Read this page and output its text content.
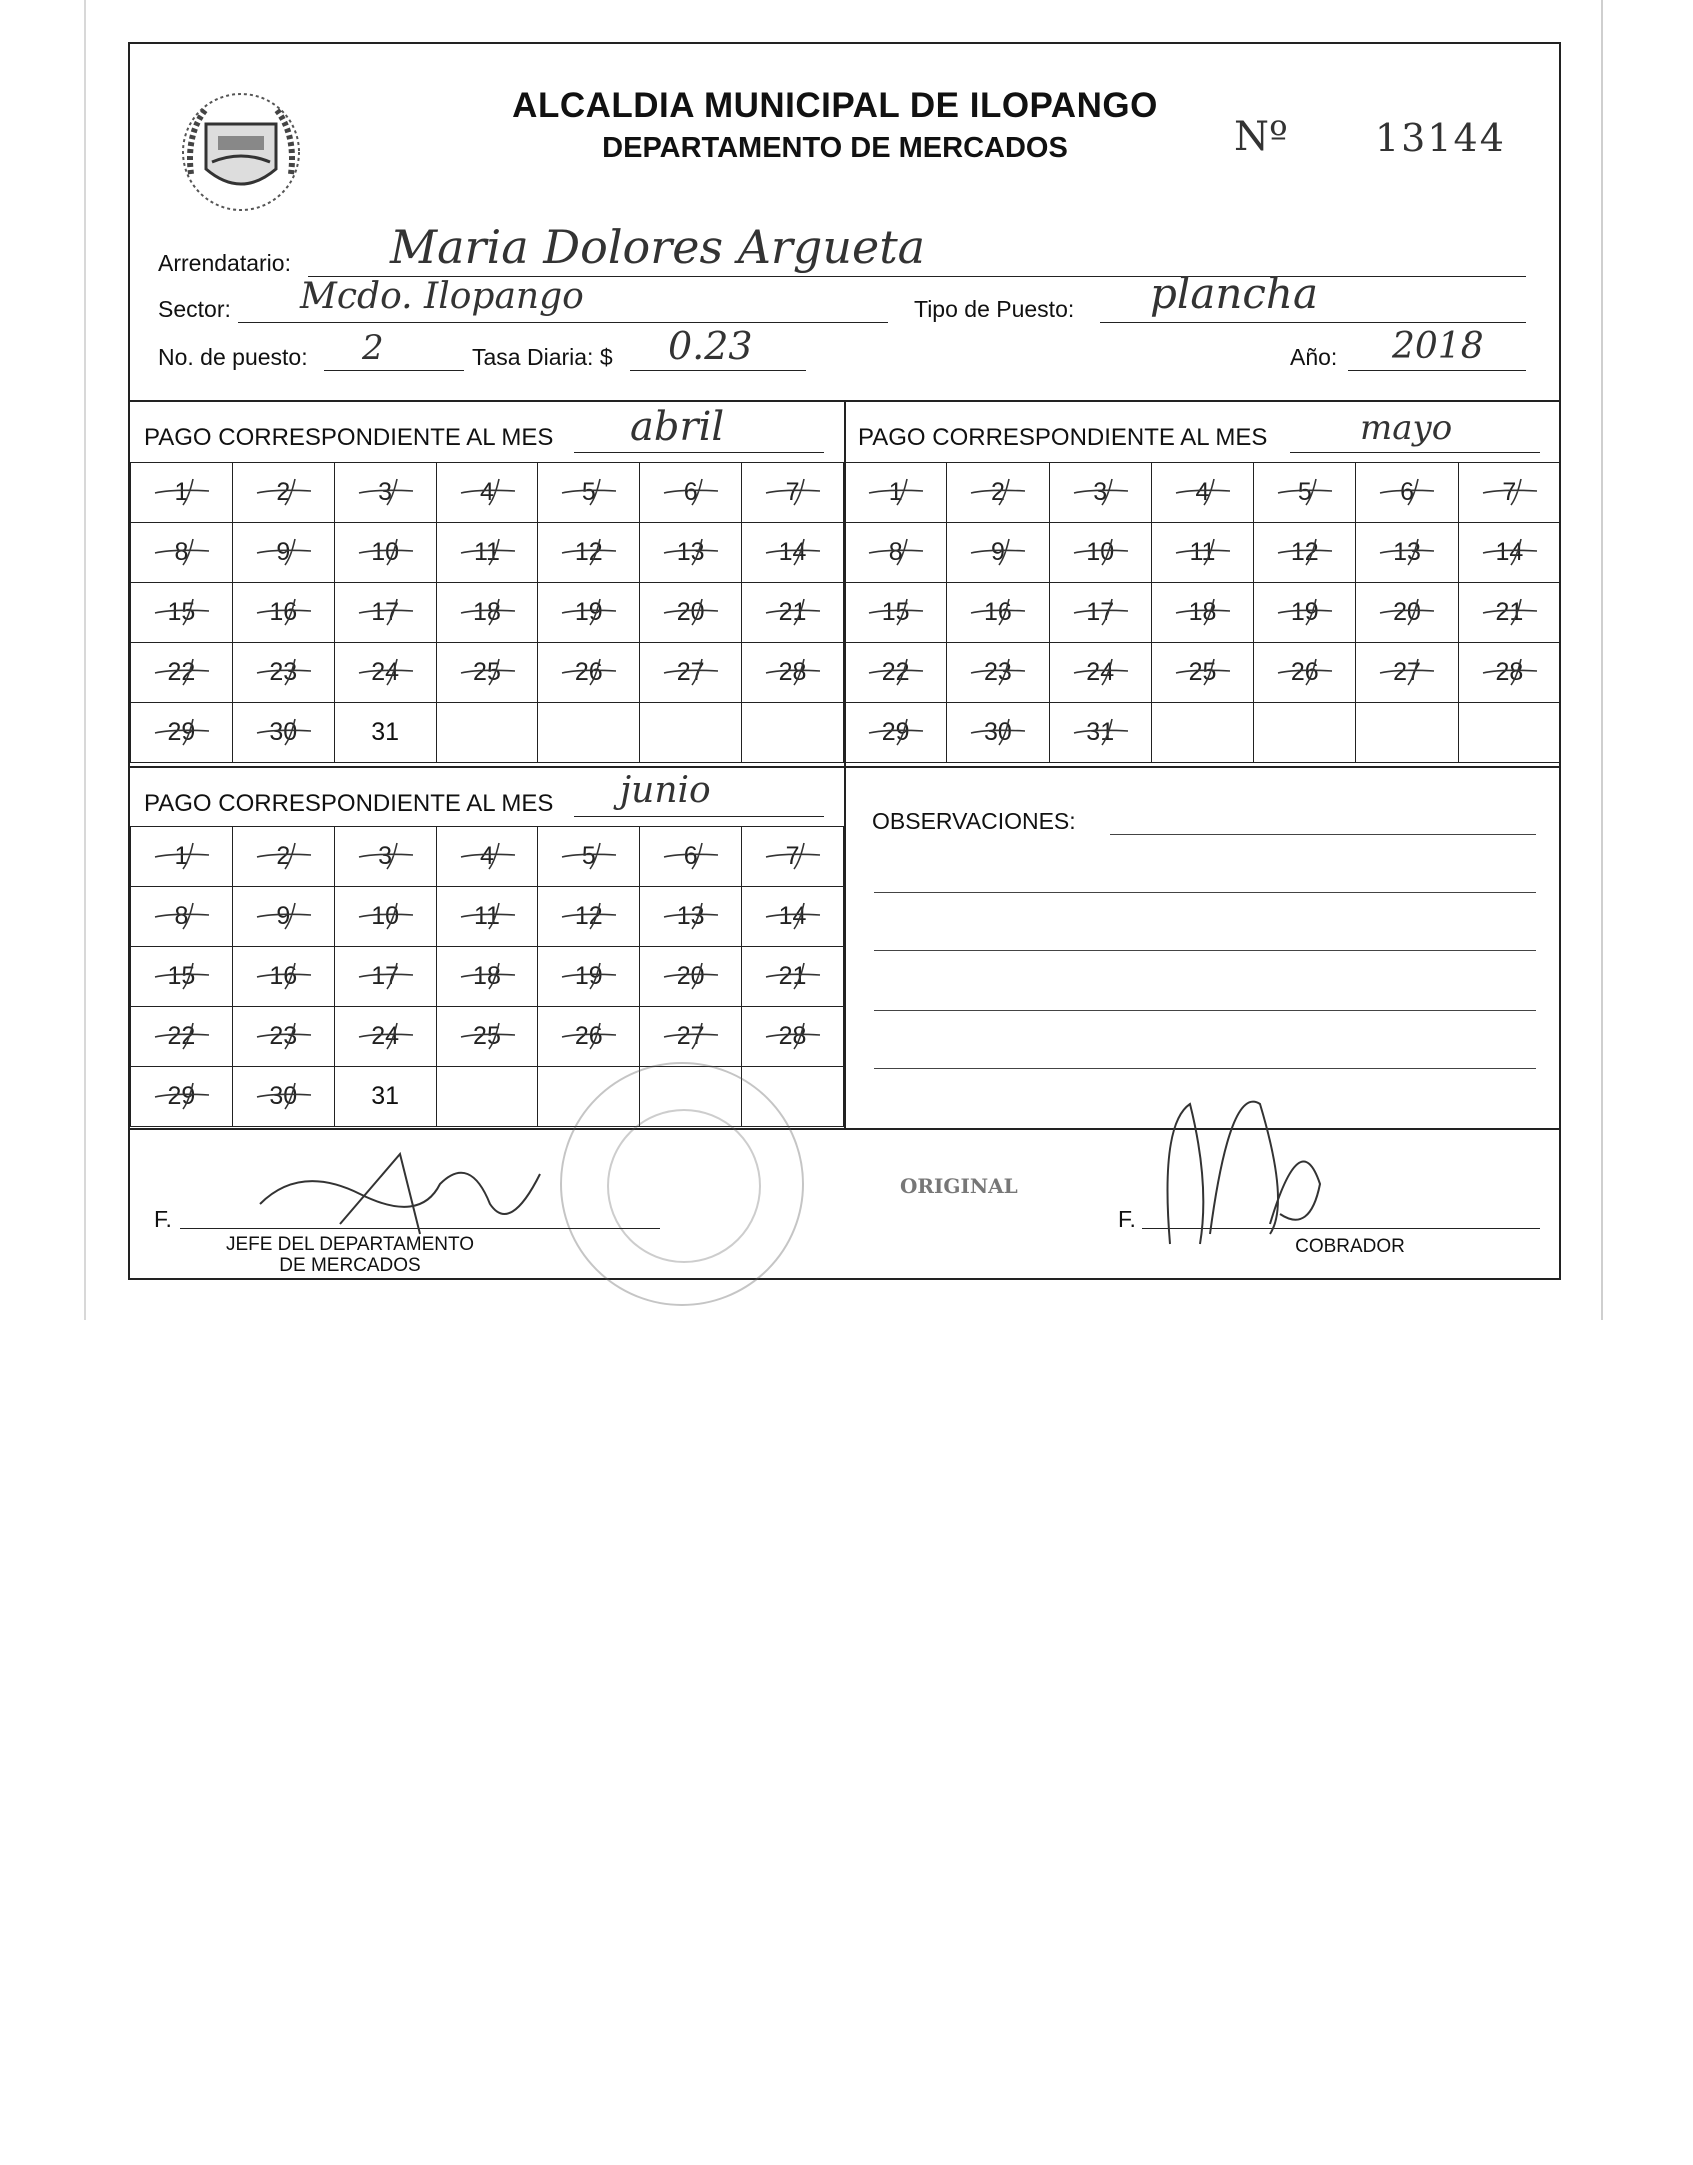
ALCALDIA MUNICIPAL DE ILOPANGO
DEPARTAMENTO DE MERCADOS	Nº 13144
Arrendatario: Maria Dolores Argueta
Sector: Mcdo. Ilopango	Tipo de Puesto: plancha
No. de puesto: 2	Tasa Diaria: $ 0.23	Año: 2018
PAGO CORRESPONDIENTE AL MES abril
1	2	3	4	5	6	7

8	9	10	11	12	13	14

15	16	17	18	19	20	21

22	23	24	25	26	27	28

29	30	31				
PAGO CORRESPONDIENTE AL MES	mayo
1	2	3	4	5	6	7

8	9	10	11	12	13	14

15	16	17	18	19	20	21

22	23	24	25	26	27	28

29	30	31

PAGO CORRESPONDIENTE AL MES junio
1	2	3	4	5	6	7

8	9	10	11	12	13	14

15	16	17	18	19	20	21

22	23	24	25	26	27	28

29	30	31				
OBSERVACIONES:
ORIGINAL
F.
JEFE DEL DEPARTAMENTO
DE MERCADOS
F.
COBRADOR
